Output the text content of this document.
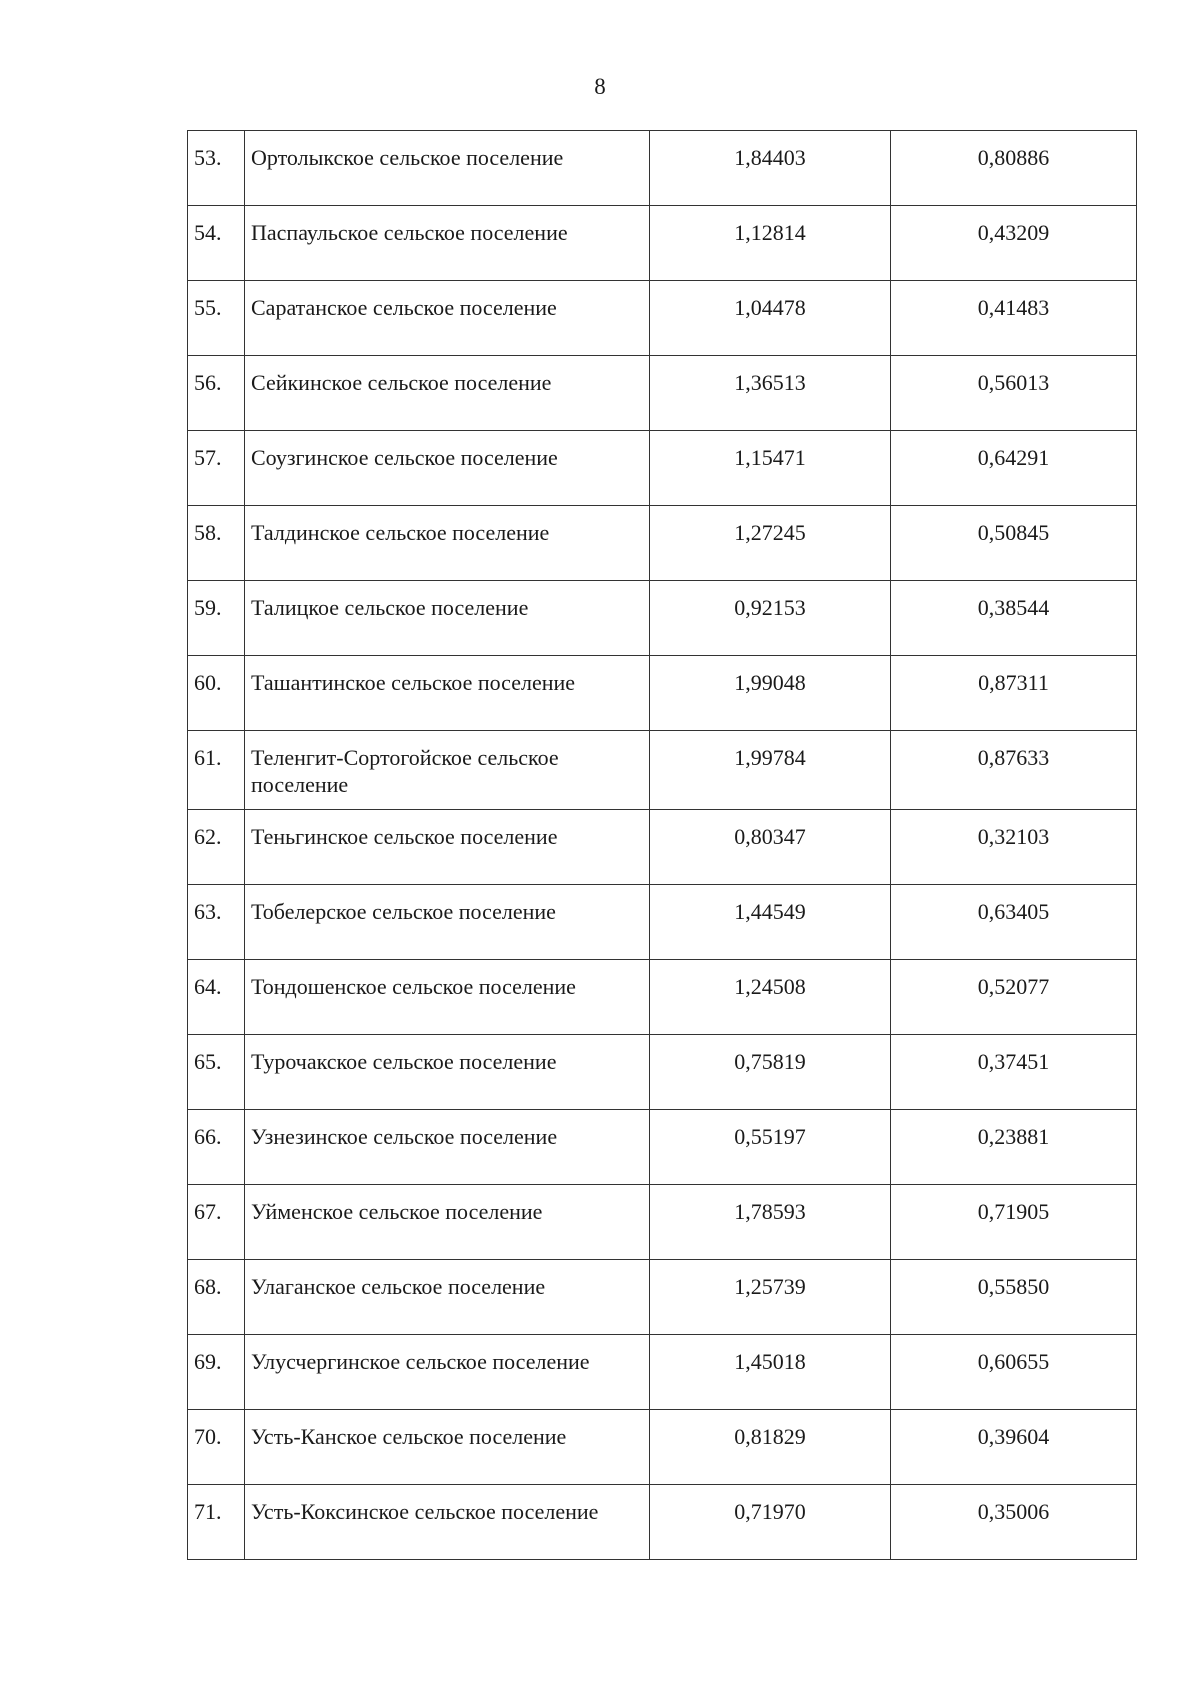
8
53.	Ортолыкское сельское поселение	1,84403	0,80886
54.	Паспаульское сельское поселение	1,12814	0,43209
55.	Саратанское сельское поселение	1,04478	0,41483
56.	Сейкинское сельское поселение	1,36513	0,56013
57.	Соузгинское сельское поселение	1,15471	0,64291
58.	Талдинское сельское поселение	1,27245	0,50845
59.	Талицкое сельское поселение	0,92153	0,38544
60.	Ташантинское сельское поселение	1,99048	0,87311
61.	Теленгит-Сортогойское сельское поселение	1,99784	0,87633
62.	Теньгинское сельское поселение	0,80347	0,32103
63.	Тобелерское сельское поселение	1,44549	0,63405
64.	Тондошенское сельское поселение	1,24508	0,52077
65.	Турочакское сельское поселение	0,75819	0,37451
66.	Узнезинское сельское поселение	0,55197	0,23881
67.	Уйменское сельское поселение	1,78593	0,71905
68.	Улаганское сельское поселение	1,25739	0,55850
69.	Улусчергинское сельское поселение	1,45018	0,60655
70.	Усть-Канское сельское поселение	0,81829	0,39604
71.	Усть-Коксинское сельское поселение	0,71970	0,35006
